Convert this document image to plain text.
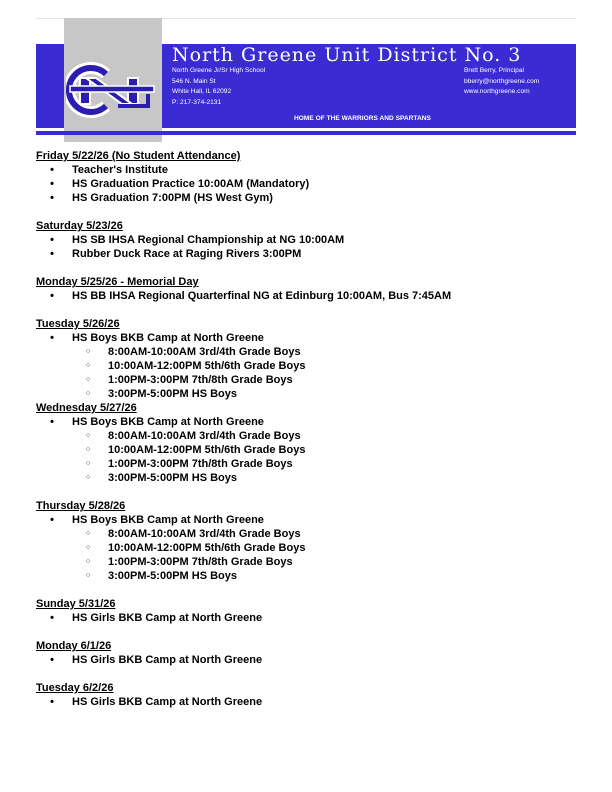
NG
North Greene Unit District No. 3
North Greene Jr/Sr High School
546 N. Main St
White Hall, IL 62092
P: 217-374-2131
Brett Berry, Principal
bberry@northgreene.com
www.northgreene.com
HOME OF THE WARRIORS AND SPARTANS
Friday 5/22/26 (No Student Attendance)
• Teacher's Institute
• HS Graduation Practice 10:00AM (Mandatory)
• HS Graduation 7:00PM (HS West Gym)
Saturday 5/23/26
• HS SB IHSA Regional Championship at NG 10:00AM
• Rubber Duck Race at Raging Rivers 3:00PM
Monday 5/25/26 - Memorial Day
• HS BB IHSA Regional Quarterfinal NG at Edinburg 10:00AM, Bus 7:45AM
Tuesday 5/26/26
• HS Boys BKB Camp at North Greene
○ 8:00AM-10:00AM 3rd/4th Grade Boys
○ 10:00AM-12:00PM 5th/6th Grade Boys
○ 1:00PM-3:00PM 7th/8th Grade Boys
○ 3:00PM-5:00PM HS Boys
Wednesday 5/27/26
• HS Boys BKB Camp at North Greene
○ 8:00AM-10:00AM 3rd/4th Grade Boys
○ 10:00AM-12:00PM 5th/6th Grade Boys
○ 1:00PM-3:00PM 7th/8th Grade Boys
○ 3:00PM-5:00PM HS Boys
Thursday 5/28/26
• HS Boys BKB Camp at North Greene
○ 8:00AM-10:00AM 3rd/4th Grade Boys
○ 10:00AM-12:00PM 5th/6th Grade Boys
○ 1:00PM-3:00PM 7th/8th Grade Boys
○ 3:00PM-5:00PM HS Boys
Sunday 5/31/26
• HS Girls BKB Camp at North Greene
Monday 6/1/26
• HS Girls BKB Camp at North Greene
Tuesday 6/2/26
• HS Girls BKB Camp at North Greene
